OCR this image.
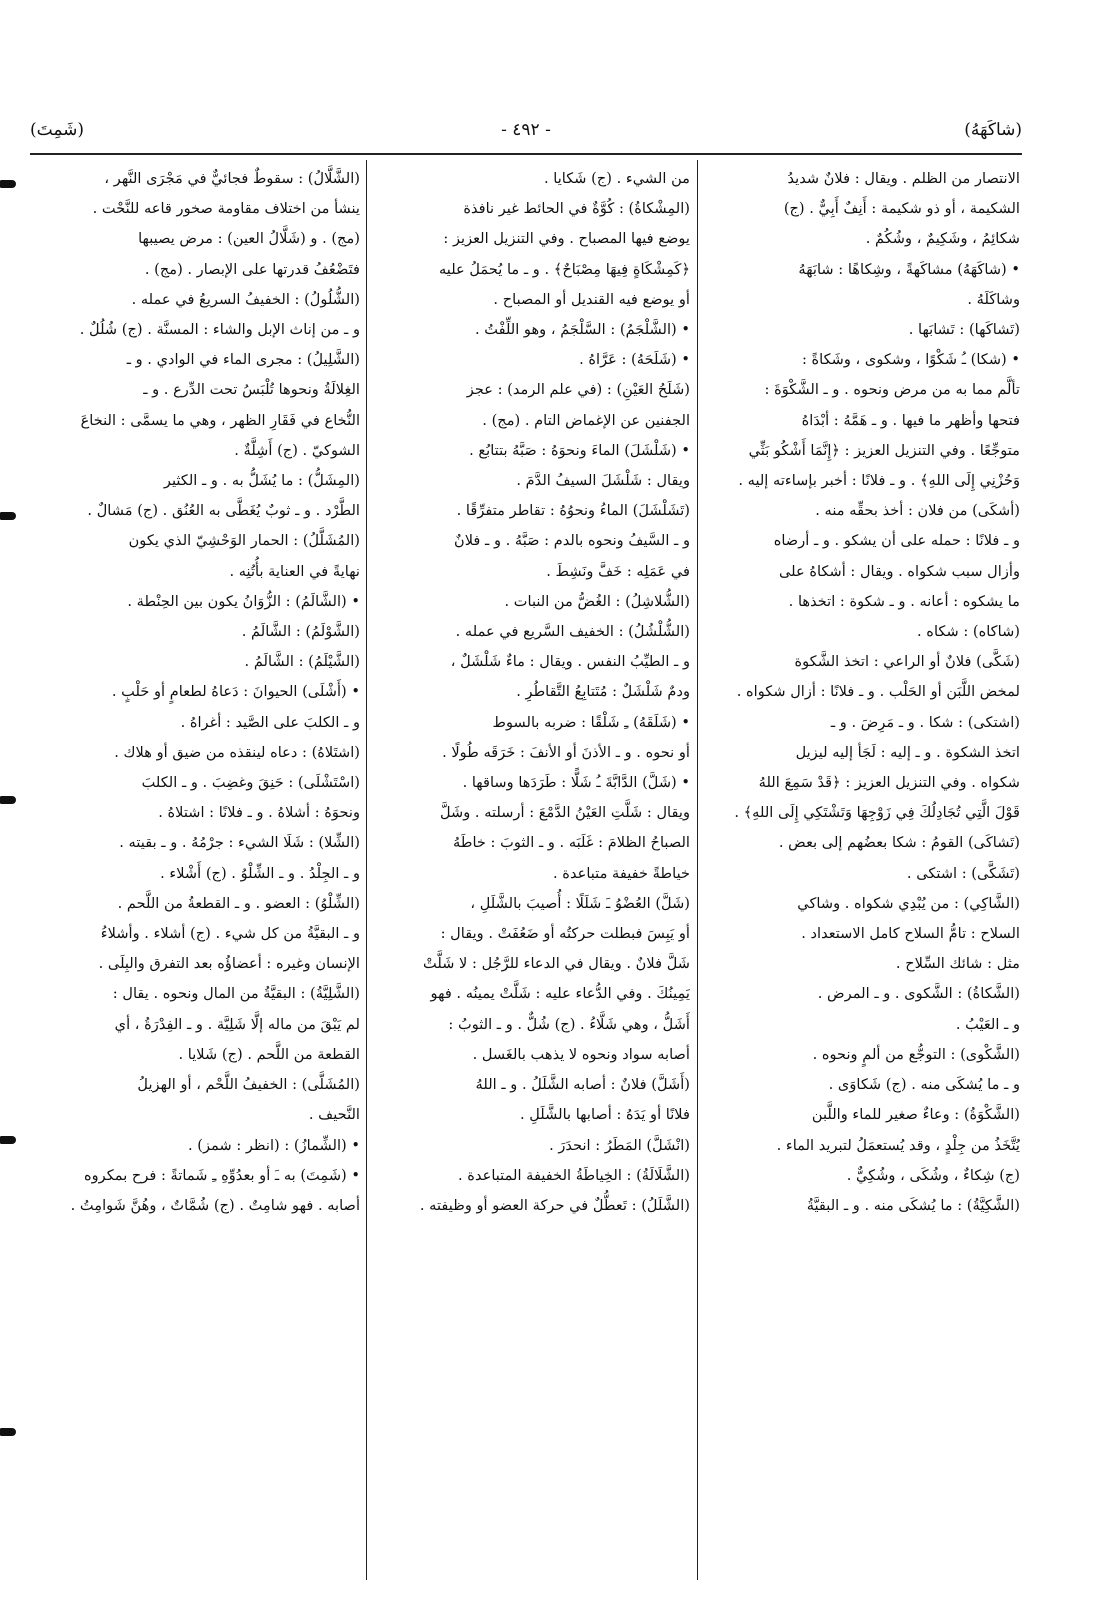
(شاكَهَهُ)
- ٤٩٢ -
(شَمِتَ)

الانتصار من الظلم . ويقال : فلانٌ شديدُ

الشكيمة ، أو ذو شكيمة : أَنِفٌ أَبِيٌّ . (ج)

شكائِمُ ، وشَكِيمٌ ، وشُكُمٌ .

• (شاكَهَهُ) مشاكَهةً ، وشِكاهًا : شابَهَهُ

وشاكَلَهُ .

(تَشاكَها) : تَشابَها .

• (شكا) ـُ شَكْوًا ، وشكوى ، وشَكاةً :

تألَّم مما به من مرض ونحوه . و ـ الشَّكْوَةَ :

فتحها وأظهر ما فيها . و ـ هَمَّهُ : أبْدَاهُ

متوجِّعًا . وفي التنزيل العزيز : ﴿إِنَّمَا أَشْكُو بَثِّي

وَحُزْنِي إِلَى اللهِ﴾ . و ـ فلانًا : أخبر بإساءته إليه .

(أشكَى) من فلان : أخذ بحقِّه منه .

و ـ فلانًا : حمله على أن يشكو . و ـ أرضاه

وأزال سبب شكواه . ويقال : أشكاهُ على

ما يشكوه : أعانه . و ـ شكوة : اتخذها .

(شاكاه) : شكاه .

(شَكَّى) فلانٌ أو الراعي : اتخذ الشَّكوة

لمخض اللَّبَن أو الحَلْب . و ـ فلانًا : أزال شكواه .

(اشتكى) : شكا . و ـ مَرِضَ . و ـ

اتخذ الشكوة . و ـ إليه : لَجَأ إليه ليزيل

شكواه . وفي التنزيل العزيز : ﴿قَدْ سَمِعَ اللهُ

قَوْلَ الَّتِي تُجَادِلُكَ فِي زَوْجِهَا وَتَشْتَكِي إِلَى اللهِ﴾ .

(تَشاكَى) القومُ : شكا بعضُهم إلى بعض .

(تَشَكَّى) : اشتكى .

(الشَّاكِي) : من يُبْدِي شكواه . وشاكي

السلاح : تامُّ السلاح كامل الاستعداد .

مثل : شائك السِّلاح .

(الشَّكاةُ) : الشَّكوى . و ـ المرض .

و ـ العَيْبُ .

(الشَّكْوى) : التوجُّع من ألمٍ ونحوه .

و ـ ما يُشكَى منه . (ج) شَكاوَى .

(الشَّكْوَةُ) : وعاءٌ صغير للماء واللَّبن

يُتَّخَذُ من جِلْدٍ ، وقد يُستعمَلُ لتبريد الماء .

(ج) شِكاءٌ ، وشُكَى ، وشُكِيٌّ .

(الشَّكِيَّةُ) : ما يُشكَى منه . و ـ البقيَّةُ

من الشيء . (ج) شَكايا .

(المِشْكاةُ) : كُوَّةٌ في الحائط غير نافذة

يوضع فيها المصباح . وفي التنزيل العزيز :

﴿كَمِشْكَاةٍ فِيهَا مِصْبَاحٌ﴾ . و ـ ما يُحمَلُ عليه

أو يوضع فيه القنديل أو المصباح .

• (الشَّلْجَمُ) : السَّلْجَمُ ، وهو اللِّفْتُ .

• (شَلَحَهُ) : عَرَّاهُ .

(شَلَحُ العَيْنِ) : (في علم الرمد) : عجز

الجفنين عن الإغماض التام . (مج) .

• (شَلْشَلَ) الماءَ ونحوَهُ : صَبَّهُ بتتابُع .

ويقال : شَلْشَلَ السيفُ الدَّمَ .

(تَشَلْشَلَ) الماءُ ونحوُهُ : تقاطر متفرِّقًا .

و ـ السَّيفُ ونحوه بالدم : صَبَّهُ . و ـ فلانٌ

في عَمَلِه : خَفَّ ونَشِطَ .

(الشُّلاشِلُ) : الغُضُّ من النبات .

(الشُّلْشُلُ) : الخفيف السَّريع في عمله .

و ـ الطيِّبُ النفس . ويقال : ماءٌ شَلْشَلٌ ،

ودمٌ شَلْشَلٌ : مُتَتابِعُ التَّقاطُرِ .

• (شَلَقَهُ) ـِ شَلْقًا : ضربه بالسوط

أو نحوه . و ـ الأذنَ أو الأنفَ : خَرَقَه طُولًا .

• (شَلَّ) الدَّابَّةَ ـُ شَلًّا : طَرَدَها وساقها .

ويقال : شَلَّتِ العَيْنُ الدَّمْعَ : أرسلته . وشَلَّ

الصباحُ الظلامَ : غَلَبَه . و ـ الثوبَ : خاطَهُ

خياطةً خفيفة متباعدة .

(شَلَّ) العُضْوُ ـَ شَلَلًا : أُصيبَ بالشَّلَلِ ،

أو يَبِسَ فبطلت حركتُه أو ضَعُفَتْ . ويقال :

شَلَّ فلانٌ . ويقال في الدعاء للرَّجُل : لا شَلَّتْ

يَمِينُكَ . وفي الدُّعاء عليه : شَلَّتْ يمينُه . فهو

أَشَلُّ ، وهي شَلَّاءُ . (ج) شُلٌّ . و ـ الثوبُ :

أصابه سواد ونحوه لا يذهب بالغَسل .

(أَشَلَّ) فلانٌ : أصابه الشَّلَلُ . و ـ اللهُ

فلانًا أو يَدَهُ : أصابها بالشَّلَلِ .

(انْشَلَّ) المَطَرُ : انحدَرَ .

(الشَّلَالَةُ) : الخِياطَةُ الخفيفة المتباعدة .

(الشَّلَلُ) : تَعطُّلٌ في حركة العضو أو وظيفته .

(الشَّلَّالُ) : سقوطٌ فجائيٌّ في مَجْرَى النَّهر ،

ينشأ من اختلاف مقاومة صخور قاعه للنَّحْت .

(مج) . و (شَلَّالُ العين) : مرض يصيبها

فتَضْعُفُ قدرتها على الإبصار . (مج) .

(الشُّلُولُ) : الخفيفُ السريعُ في عمله .

و ـ من إناث الإبل والشاء : المسنَّة . (ج) شُلُلٌ .

(الشَّلِيلُ) : مجرى الماء في الوادي . و ـ

الغِلالَةُ ونحوها تُلْبَسُ تحت الدِّرع . و ـ

النُّخاع في فَقَارِ الظهر ، وهي ما يسمَّى : النخاعَ

الشوكيّ . (ج) أَشِلَّةٌ .

(المِشَلُّ) : ما يُشَلُّ به . و ـ الكثير

الطَّرْد . و ـ ثوبٌ يُغَطَّى به العُنُق . (ج) مَشالٌ .

(المُشَلَّلُ) : الحمار الوَحْشِيّ الذي يكون

نهايةً في العناية بأُتُنِه .

• (الشَّالَمُ) : الزُّوَانُ يكون بين الحِنْطة .

(الشَّوْلَمُ) : الشَّالَمُ .

(الشَّيْلَمُ) : الشَّالَمُ .

• (أَشْلَى) الحيوانَ : دَعاهُ لطعامٍ أو حَلْبٍ .

و ـ الكلبَ على الصَّيد : أغراهُ .

(اشتَلاهُ) : دعاه لينقذه من ضيق أو هلاك .

(اسْتَشْلَى) : حَنِقَ وغضِبَ . و ـ الكلبَ

ونحوَهُ : أشلاهُ . و ـ فلانًا : اشتلاهُ .

(الشِّلا) : شَلَا الشيء : جرْمُهُ . و ـ بقيته .

و ـ الجِلْدُ . و ـ الشِّلْوُ . (ج) أَشْلاء .

(الشِّلْوُ) : العضو . و ـ القطعةُ من اللَّحم .

و ـ البقيَّةُ من كل شيء . (ج) أشلاء . وأشلاءُ

الإنسان وغيره : أعضاؤُه بعد التفرق والبِلَى .

(الشَّلِيَّةُ) : البقيَّةُ من المال ونحوه . يقال :

لم يَبْقَ من ماله إلَّا شَلِيَّة . و ـ الفِدْرَةُ ، أي

القطعة من اللَّحم . (ج) شَلايا .

(المُشَلَّى) : الخفيفُ اللَّحْم ، أو الهزيلُ

النَّحيف .

• (الشِّمازُ) : (انظر : شمز) .

• (شَمِتَ) به ـَ أو بعدُوِّهِ ـِ شَماتةً : فرح بمكروه

أصابه . فهو شامِتٌ . (ج) شُمَّاتٌ ، وهُنَّ شَوامِتُ .
